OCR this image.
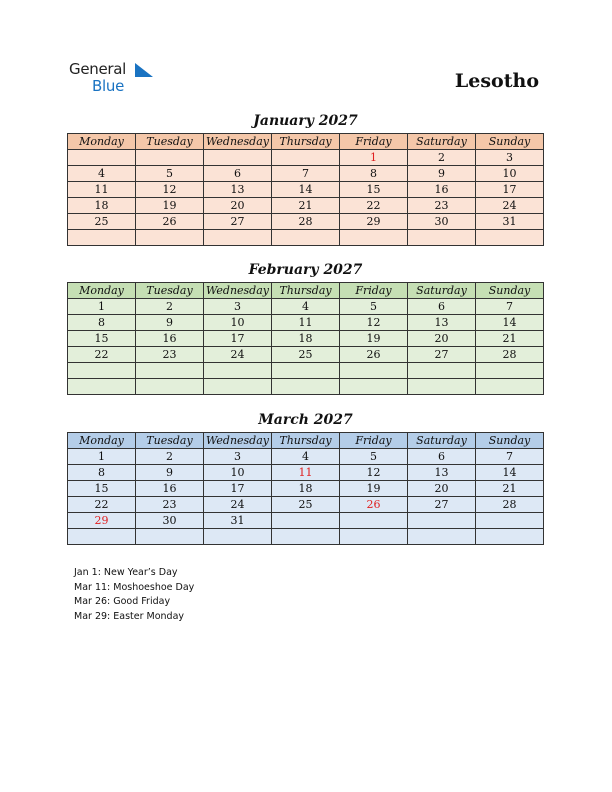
General
Blue	Lesotho
January 2027
Monday	Tuesday	Wednesday	Thursday	Friday	Saturday	Sunday
				1	2	3
4	5	6	7	8	9	10
11	12	13	14	15	16	17
18	19	20	21	22	23	24
25	26	27	28	29	30	31

February 2027
Monday	Tuesday	Wednesday	Thursday	Friday	Saturday	Sunday
1	2	3	4	5	6	7
8	9	10	11	12	13	14
15	16	17	18	19	20	21
22	23	24	25	26	27	28

March 2027
Monday	Tuesday	Wednesday	Thursday	Friday	Saturday	Sunday
1	2	3	4	5	6	7
8	9	10	11	12	13	14
15	16	17	18	19	20	21
22	23	24	25	26	27	28
29	30	31				

Jan 1: New Year’s Day
Mar 11: Moshoeshoe Day
Mar 26: Good Friday
Mar 29: Easter Monday
